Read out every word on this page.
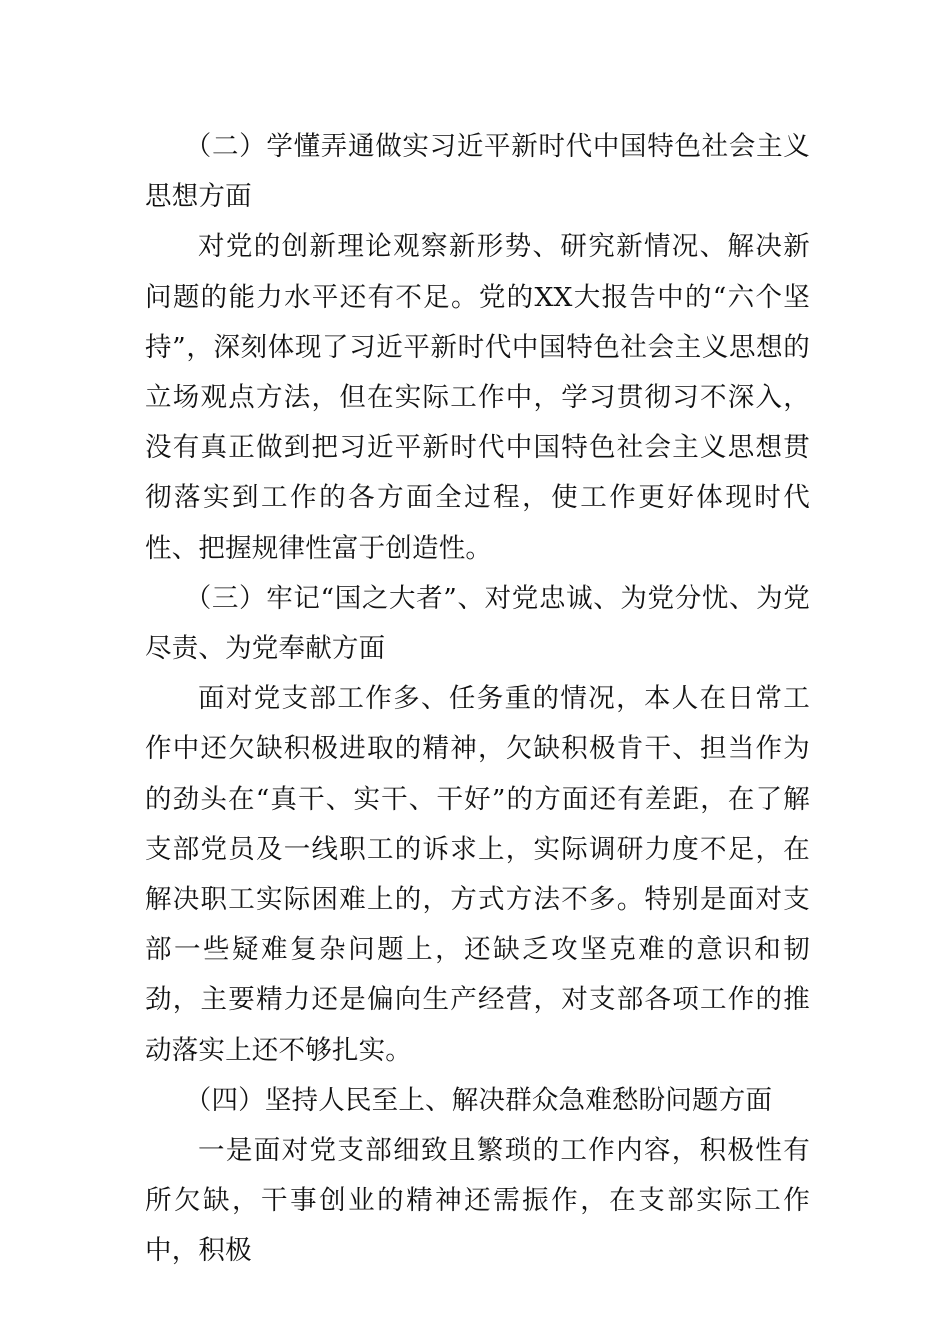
（二）学懂弄通做实习近平新时代中国特色社会主义思想方面

对党的创新理论观察新形势、研究新情况、解决新问题的能力水平还有不足。党的XX大报告中的“六个坚持”，深刻体现了习近平新时代中国特色社会主义思想的立场观点方法，但在实际工作中，学习贯彻习不深入，没有真正做到把习近平新时代中国特色社会主义思想贯彻落实到工作的各方面全过程，使工作更好体现时代性、把握规律性富于创造性。

（三）牢记“国之大者”、对党忠诚、为党分忧、为党尽责、为党奉献方面

面对党支部工作多、任务重的情况，本人在日常工作中还欠缺积极进取的精神，欠缺积极肯干、担当作为的劲头在“真干、实干、干好”的方面还有差距，在了解支部党员及一线职工的诉求上，实际调研力度不足，在解决职工实际困难上的，方式方法不多。特别是面对支部一些疑难复杂问题上，还缺乏攻坚克难的意识和韧劲，主要精力还是偏向生产经营，对支部各项工作的推动落实上还不够扎实。

（四）坚持人民至上、解决群众急难愁盼问题方面

一是面对党支部细致且繁琐的工作内容，积极性有所欠缺，干事创业的精神还需振作，在支部实际工作中，积极
